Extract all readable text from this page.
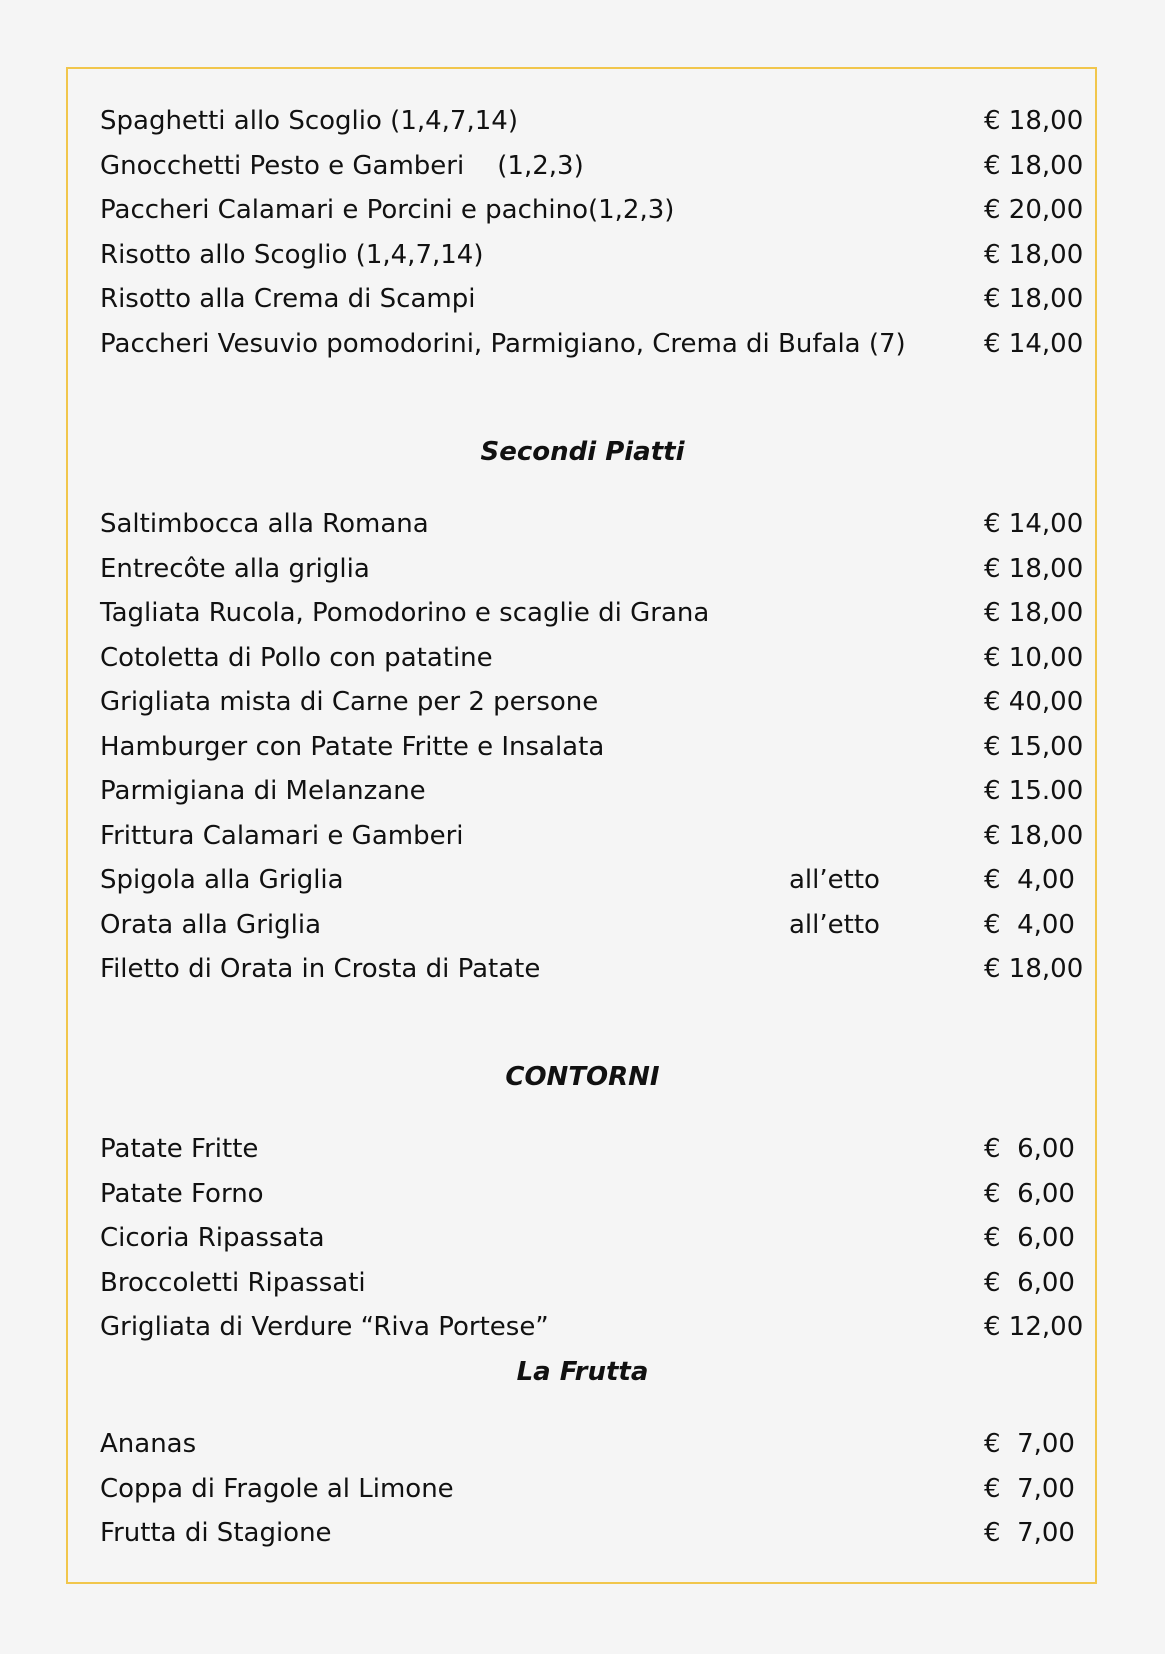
Spaghetti allo Scoglio (1,4,7,14)	€ 18,00
Gnocchetti Pesto e Gamberi    (1,2,3)	€ 18,00
Paccheri Calamari e Porcini e pachino(1,2,3)	€ 20,00
Risotto allo Scoglio (1,4,7,14)	€ 18,00
Risotto alla Crema di Scampi	€ 18,00
Paccheri Vesuvio pomodorini, Parmigiano, Crema di Bufala (7)	€ 14,00
Secondi Piatti
Saltimbocca alla Romana	€ 14,00
Entrecôte alla griglia	€ 18,00
Tagliata Rucola, Pomodorino e scaglie di Grana	€ 18,00
Cotoletta di Pollo con patatine	€ 10,00
Grigliata mista di Carne per 2 persone	€ 40,00
Hamburger con Patate Fritte e Insalata	€ 15,00
Parmigiana di Melanzane	€ 15.00
Frittura Calamari e Gamberi	€ 18,00
Spigola alla Griglia	all’etto	€  4,00
Orata alla Griglia	all’etto	€  4,00
Filetto di Orata in Crosta di Patate	€ 18,00
CONTORNI
Patate Fritte	€  6,00
Patate Forno	€  6,00
Cicoria Ripassata	€  6,00
Broccoletti Ripassati	€  6,00
Grigliata di Verdure “Riva Portese”	€ 12,00
La Frutta
Ananas	€  7,00
Coppa di Fragole al Limone	€  7,00
Frutta di Stagione	€  7,00
